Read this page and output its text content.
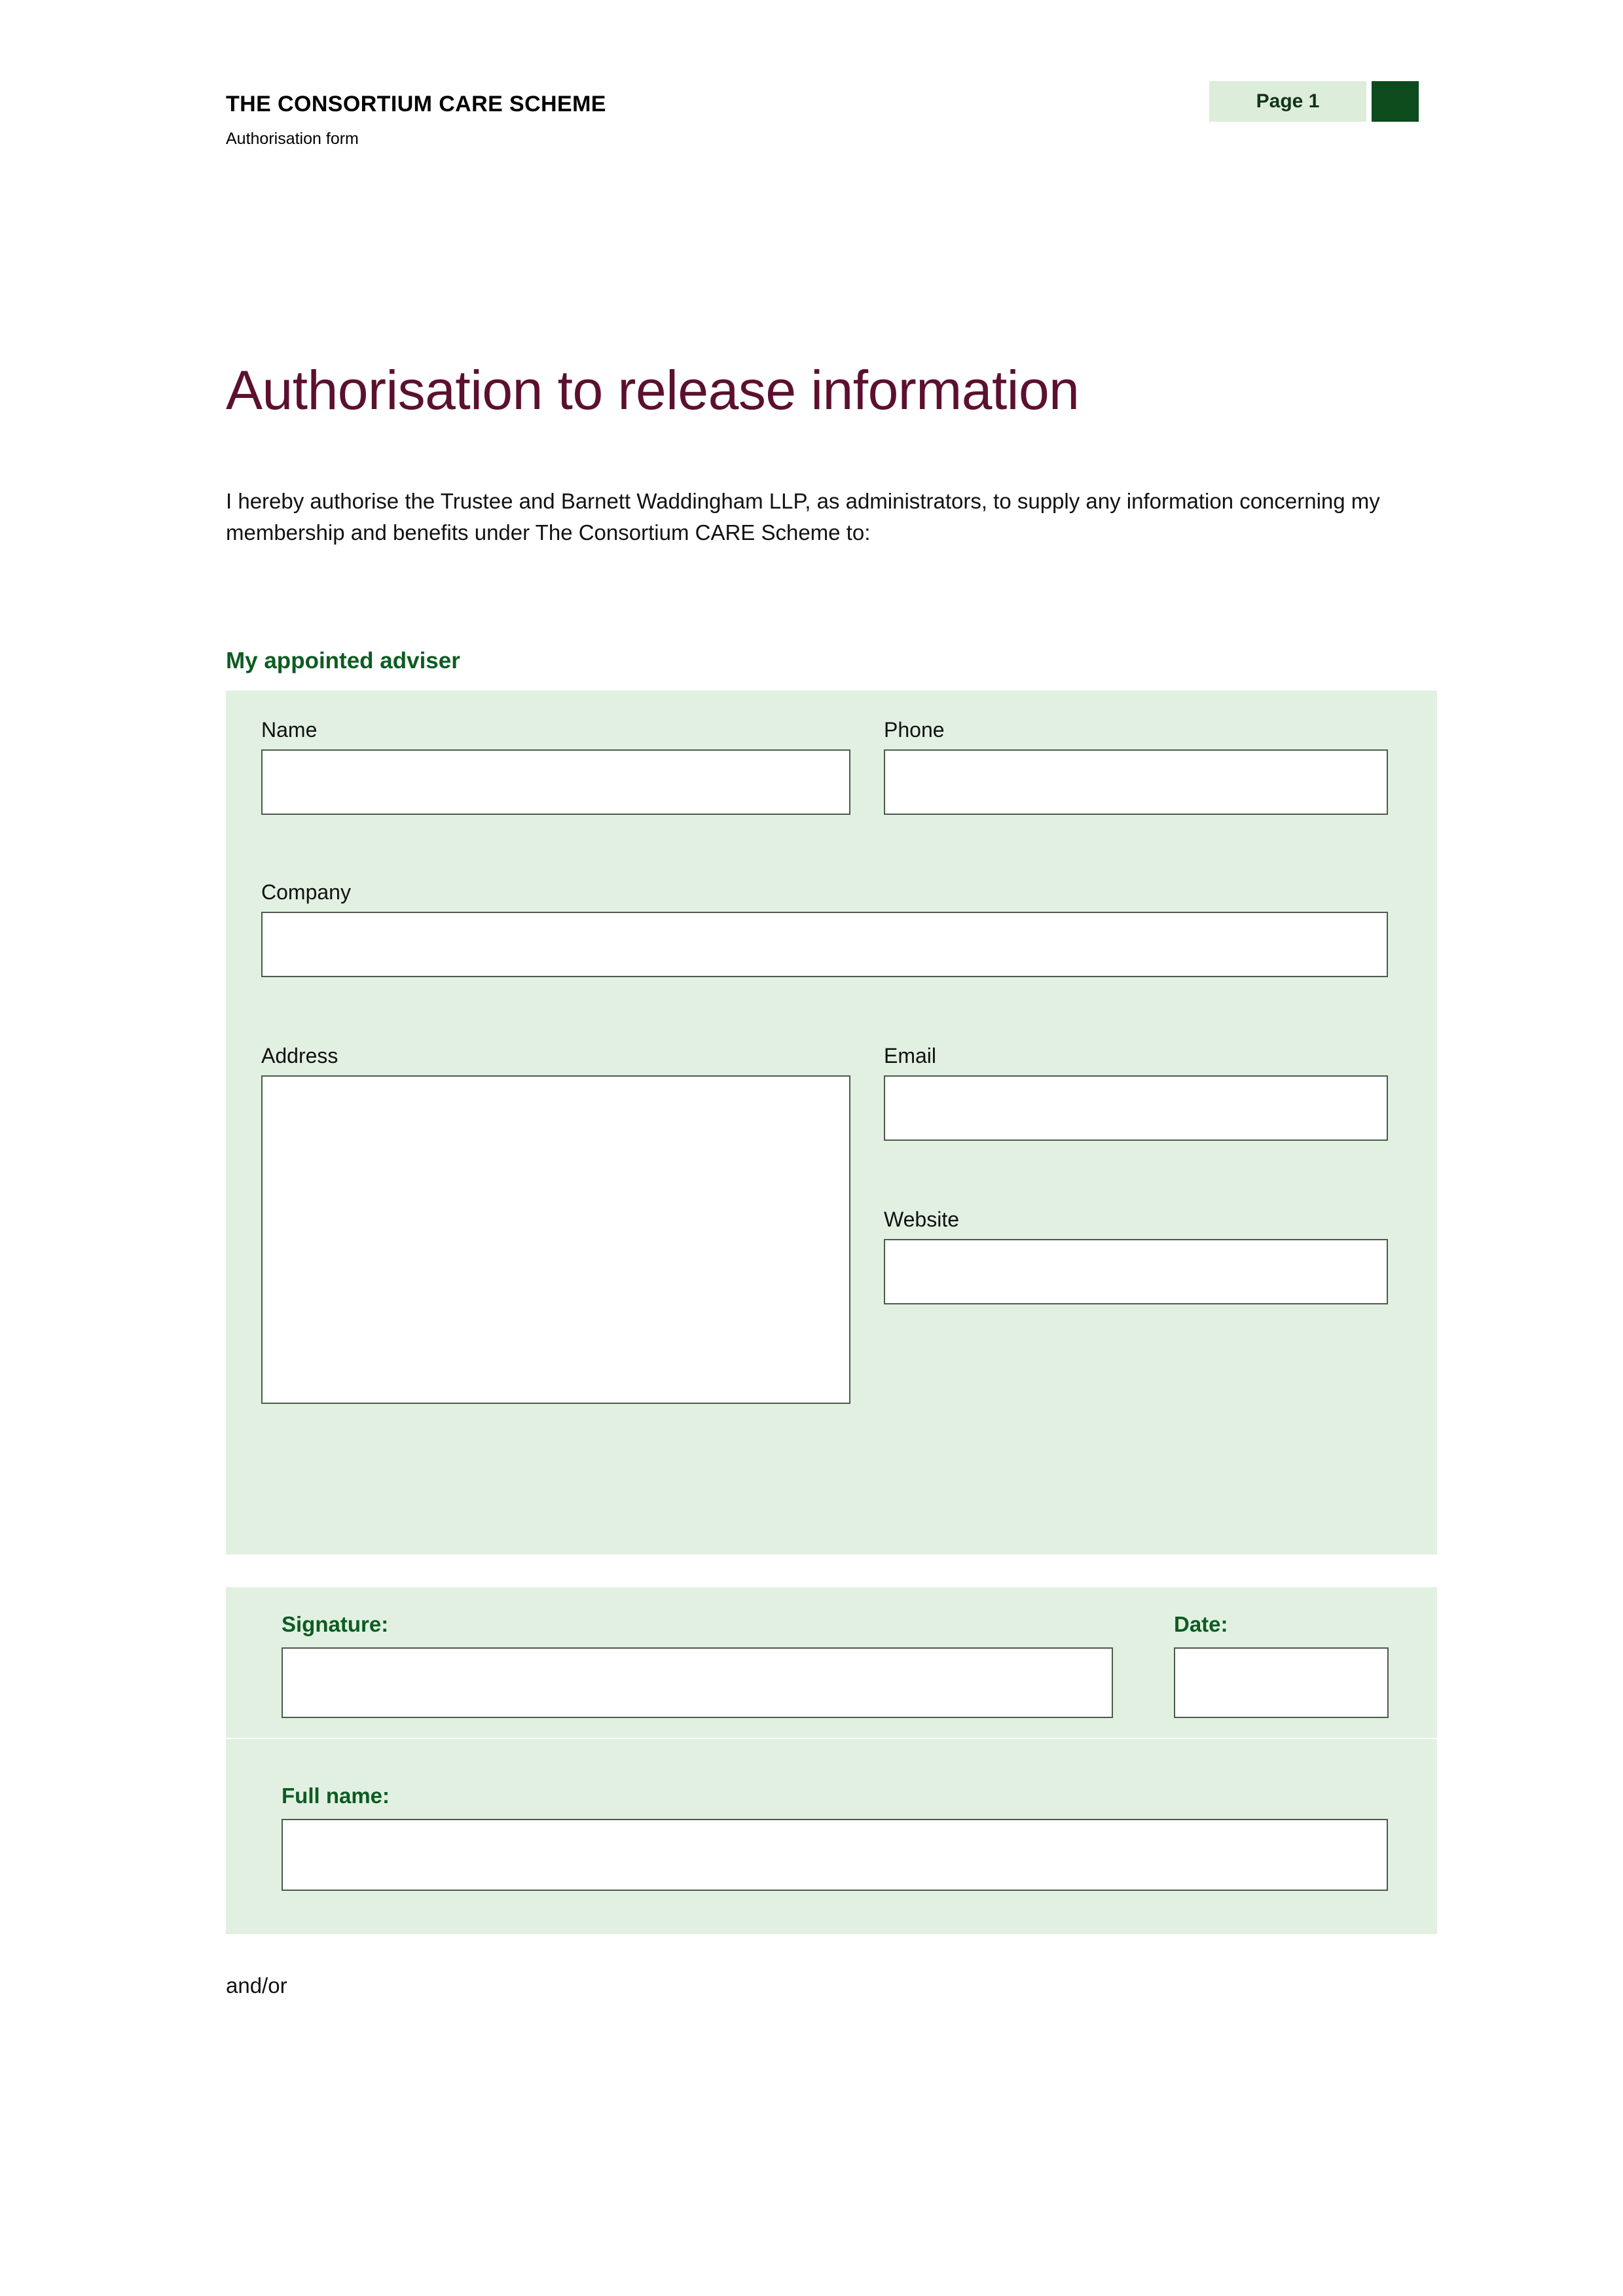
THE CONSORTIUM CARE SCHEME
Authorisation form
Page 1
Authorisation to release information
I hereby authorise the Trustee and Barnett Waddingham LLP, as administrators, to supply any information concerning my membership and benefits under The Consortium CARE Scheme to:
My appointed adviser
Name	Phone
Company
Address	Email
Website
Signature:	Date:
Full name:
and/or
